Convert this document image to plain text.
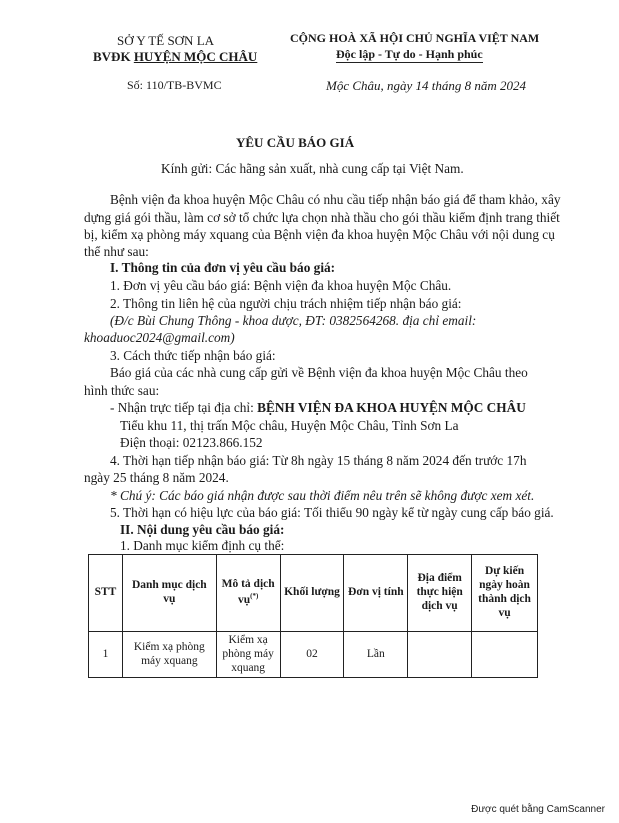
SỞ Y TẾ SƠN LA
BVĐK HUYỆN MỘC CHÂU
Số: 110/TB-BVMC
CỘNG HOÀ XÃ HỘI CHỦ NGHĨA VIỆT NAM
Độc lập - Tự do - Hạnh phúc
Mộc Châu, ngày 14 tháng 8 năm 2024
YÊU CẦU BÁO GIÁ
Kính gửi: Các hãng sản xuất, nhà cung cấp tại Việt Nam.
Bệnh viện đa khoa huyện Mộc Châu có nhu cầu tiếp nhận báo giá để tham khảo, xây
dựng giá gói thầu, làm cơ sở tổ chức lựa chọn nhà thầu cho gói thầu kiểm định trang thiết
bị, kiểm xạ phòng máy xquang của Bệnh viện đa khoa huyện Mộc Châu với nội dung cụ
thể như sau:
I. Thông tin của đơn vị yêu cầu báo giá:
1. Đơn vị yêu cầu báo giá: Bệnh viện đa khoa huyện Mộc Châu.
2. Thông tin liên hệ của người chịu trách nhiệm tiếp nhận báo giá:
(Đ/c Bùi Chung Thông - khoa dược, ĐT: 0382564268. địa chỉ email:
khoaduoc2024@gmail.com)
3. Cách thức tiếp nhận báo giá:
Báo giá của các nhà cung cấp gửi về Bệnh viện đa khoa huyện Mộc Châu theo
hình thức sau:
- Nhận trực tiếp tại địa chỉ: BỆNH VIỆN ĐA KHOA HUYỆN MỘC CHÂU
Tiểu khu 11, thị trấn Mộc châu, Huyện Mộc Châu, Tỉnh Sơn La
Điện thoại: 02123.866.152
4. Thời hạn tiếp nhận báo giá: Từ 8h ngày 15 tháng 8 năm 2024 đến trước 17h
ngày 25 tháng 8 năm 2024.
* Chú ý: Các báo giá nhận được sau thời điểm nêu trên sẽ không được xem xét.
5. Thời hạn có hiệu lực của báo giá: Tối thiểu 90 ngày kể từ ngày cung cấp báo giá.
II. Nội dung yêu cầu báo giá:
1. Danh mục kiểm định cụ thể:
STT	Danh mục dịch vụ	Mô tả dịch vụ(*)	Khối lượng	Đơn vị tính	Địa điểm thực hiện dịch vụ	Dự kiến ngày hoàn thành dịch vụ
1	Kiểm xạ phòng máy xquang	Kiểm xạ phòng máy xquang	02	Lần		
Được quét bằng CamScanner
